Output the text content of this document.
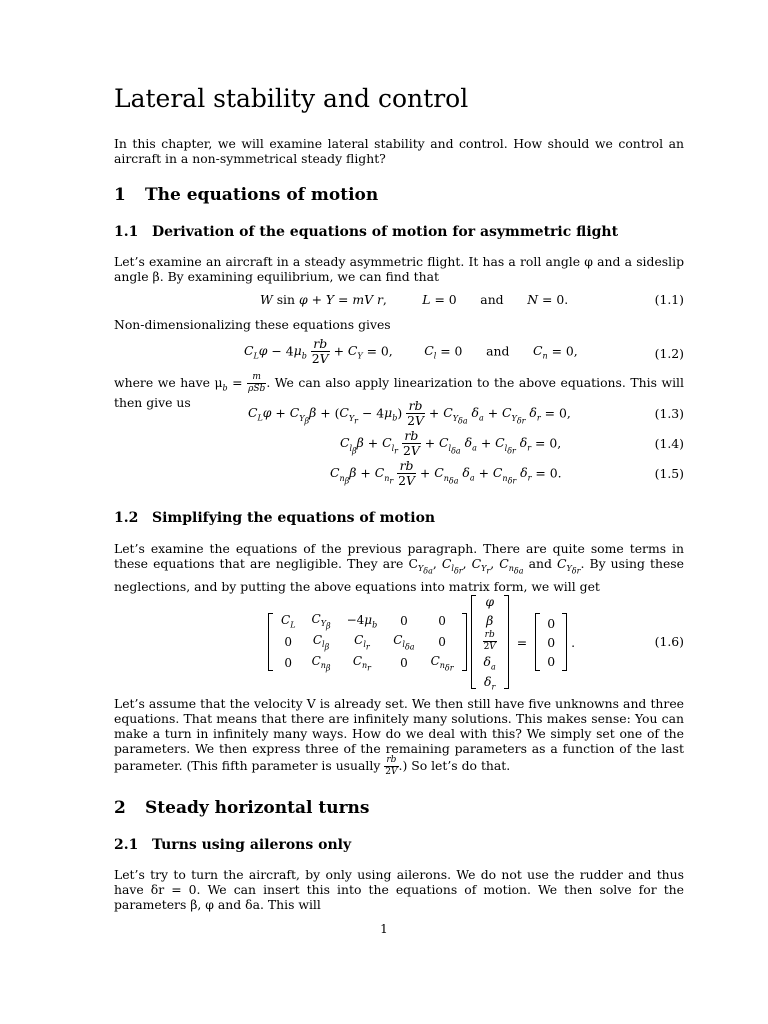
Lateral stability and control

In this chapter, we will examine lateral stability and control. How should we control an aircraft in a non-symmetrical steady flight?

1 The equations of motion
1.1 Derivation of the equations of motion for asymmetric flight

Let’s examine an aircraft in a steady asymmetric flight. It has a roll angle φ and a sideslip angle β. By examining equilibrium, we can find that

W sin φ + Y = mV r,         L = 0      and      N = 0.	(1.1)

Non-dimensionalizing these equations gives

$C_L\varphi - 4\mu_b \frac{rb}{2V} + C_Y = 0$,        $C_l = 0$      and      $C_n = 0$,	(1.2)

where we have $\mu_b = \frac{m}{\text{ρSb}}$ . We can also apply linearization to the above equations. This will then give us

$C_L\varphi + C_{Y_\beta}\beta + (C_{Y_r} - 4\mu_b) \frac{rb}{2V} + C_{Y_{\delta a}}$ $\delta_a + C_{Y_{\delta r}}$ $\delta_r = 0$,	(1.3)
$C_{l_\beta}\beta + C_{l_r} \frac{rb}{2V} + C_{l_{\delta a}}$ $\delta_a + C_{l_{\delta r}}$ $\delta_r = 0$,	(1.4)
$C_{n_\beta}\beta + C_{n_r} \frac{rb}{2V} + C_{n_{\delta a}}$ $\delta_a + C_{n_{\delta r}}$ $\delta_r = 0$.	(1.5)
1.2 Simplifying the equations of motion

Let’s examine the equations of the previous paragraph. There are quite some terms in these equations that are negligible. They are $C_{Y_{\delta a}}$, $C_{l_{\delta r}}$, $C_{Y_r}$, $C_{n_{\delta a}}$ and $C_{Y_{\delta r}}$. By using these neglections, and by putting the above equations into matrix form, we will get

$C_L$	$C_{Y_\beta}$	$-4\mu_b$	0	0
0	$C_{l_\beta}$	$C_{l_r}$	$C_{l_{\delta a}}$	0
0	$C_{n_\beta}$	$C_{n_r}$	0	$C_{n_{\delta r}}$
φ
β

$\frac{rb}{2V}$

$\delta_a$
$\delta_r$
=
0
0
0
.	(1.6)

Let’s assume that the velocity V is already set. We then still have five unknowns and three equations. That means that there are infinitely many solutions. This makes sense: You can make a turn in infinitely many ways. How do we deal with this? We simply set one of the parameters. We then express three of the remaining parameters as a function of the last parameter. (This fifth parameter is usually $\frac{rb}{2V}$ .) So let’s do that.

2 Steady horizontal turns
2.1 Turns using ailerons only

Let’s try to turn the aircraft, by only using ailerons. We do not use the rudder and thus have δr = 0. We can insert this into the equations of motion. We then solve for the parameters β, φ and δa. This will

1
